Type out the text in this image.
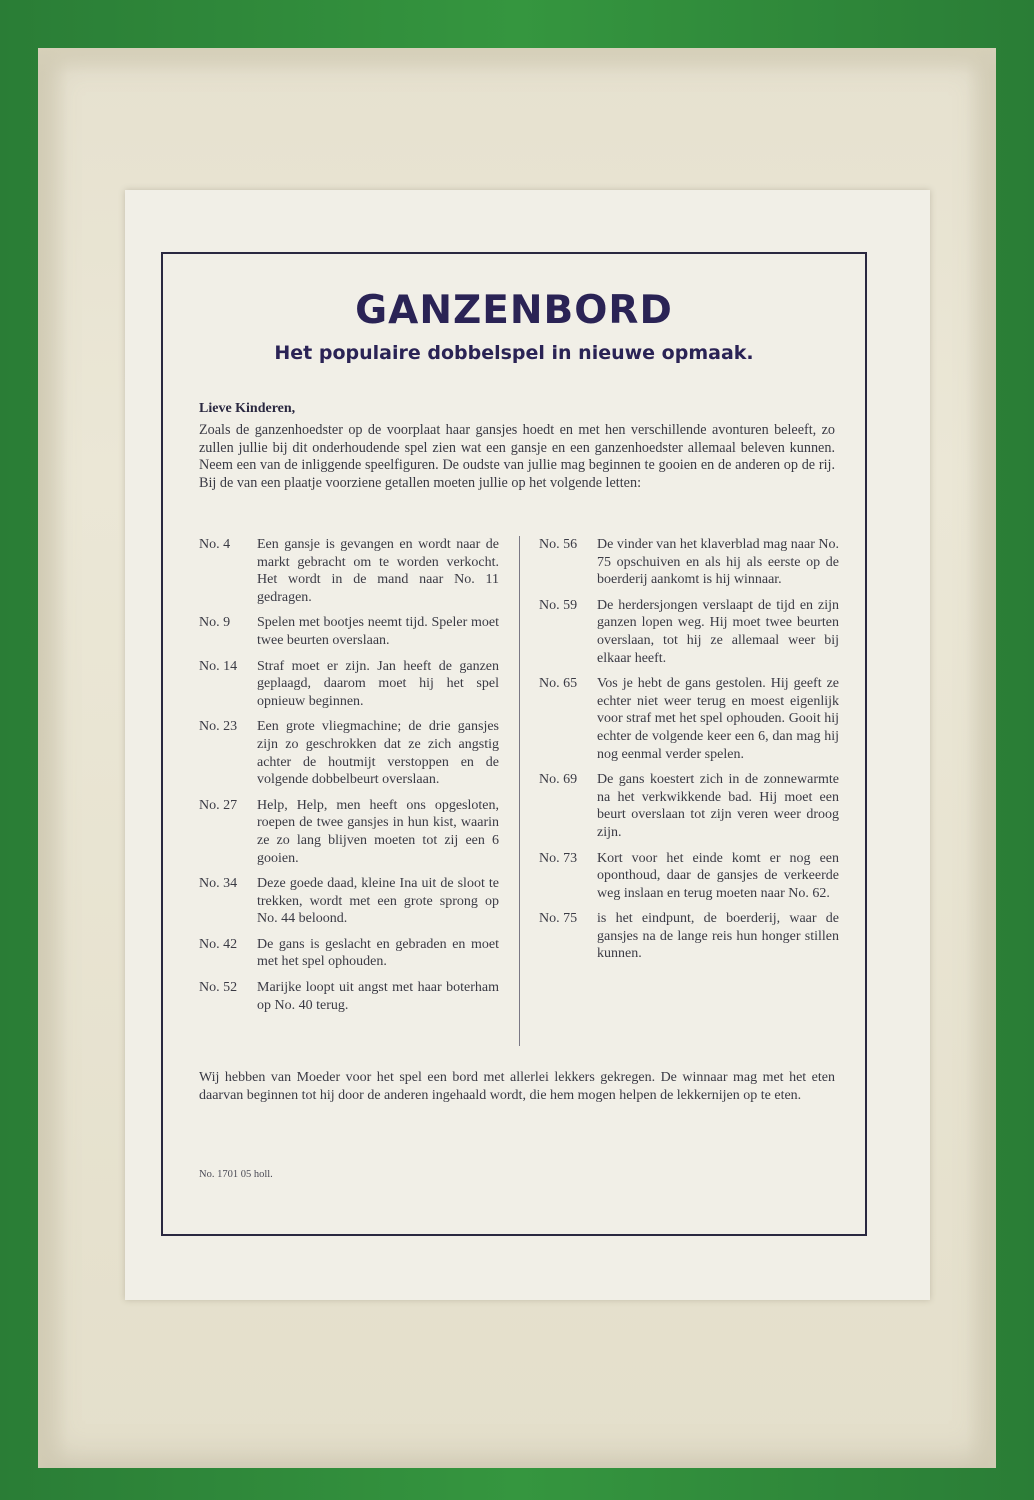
GANZENBORD
Het populaire dobbelspel in nieuwe opmaak.
Lieve Kinderen,
Zoals de ganzenhoedster op de voorplaat haar gansjes hoedt en met hen verschillende avonturen beleeft, zo zullen jullie bij dit onderhoudende spel zien wat een gansje en een ganzenhoedster allemaal beleven kunnen. Neem een van de inliggende speelfiguren. De oudste van jullie mag beginnen te gooien en de anderen op de rij. Bij de van een plaatje voorziene getallen moeten jullie op het volgende letten:
No. 4	Een gansje is gevangen en wordt naar de markt gebracht om te worden verkocht. Het wordt in de mand naar No. 11 gedragen.
No. 9	Spelen met bootjes neemt tijd. Speler moet twee beurten overslaan.
No. 14	Straf moet er zijn. Jan heeft de ganzen geplaagd, daarom moet hij het spel opnieuw beginnen.
No. 23	Een grote vliegmachine; de drie gansjes zijn zo geschrokken dat ze zich angstig achter de houtmijt verstoppen en de volgende dobbelbeurt overslaan.
No. 27	Help, Help, men heeft ons opgesloten, roepen de twee gansjes in hun kist, waarin ze zo lang blijven moeten tot zij een 6 gooien.
No. 34	Deze goede daad, kleine Ina uit de sloot te trekken, wordt met een grote sprong op No. 44 beloond.
No. 42	De gans is geslacht en gebraden en moet met het spel ophouden.
No. 52	Marijke loopt uit angst met haar boterham op No. 40 terug.
No. 56	De vinder van het klaverblad mag naar No. 75 opschuiven en als hij als eerste op de boerderij aankomt is hij winnaar.
No. 59	De herdersjongen verslaapt de tijd en zijn ganzen lopen weg. Hij moet twee beurten overslaan, tot hij ze allemaal weer bij elkaar heeft.
No. 65	Vos je hebt de gans gestolen. Hij geeft ze echter niet weer terug en moest eigenlijk voor straf met het spel ophouden. Gooit hij echter de volgende keer een 6, dan mag hij nog eenmal verder spelen.
No. 69	De gans koestert zich in de zonnewarmte na het verkwikkende bad. Hij moet een beurt overslaan tot zijn veren weer droog zijn.
No. 73	Kort voor het einde komt er nog een oponthoud, daar de gansjes de verkeerde weg inslaan en terug moeten naar No. 62.
No. 75	is het eindpunt, de boerderij, waar de gansjes na de lange reis hun honger stillen kunnen.
Wij hebben van Moeder voor het spel een bord met allerlei lekkers gekregen. De winnaar mag met het eten daarvan beginnen tot hij door de anderen ingehaald wordt, die hem mogen helpen de lekkernijen op te eten.
No. 1701 05 holl.
